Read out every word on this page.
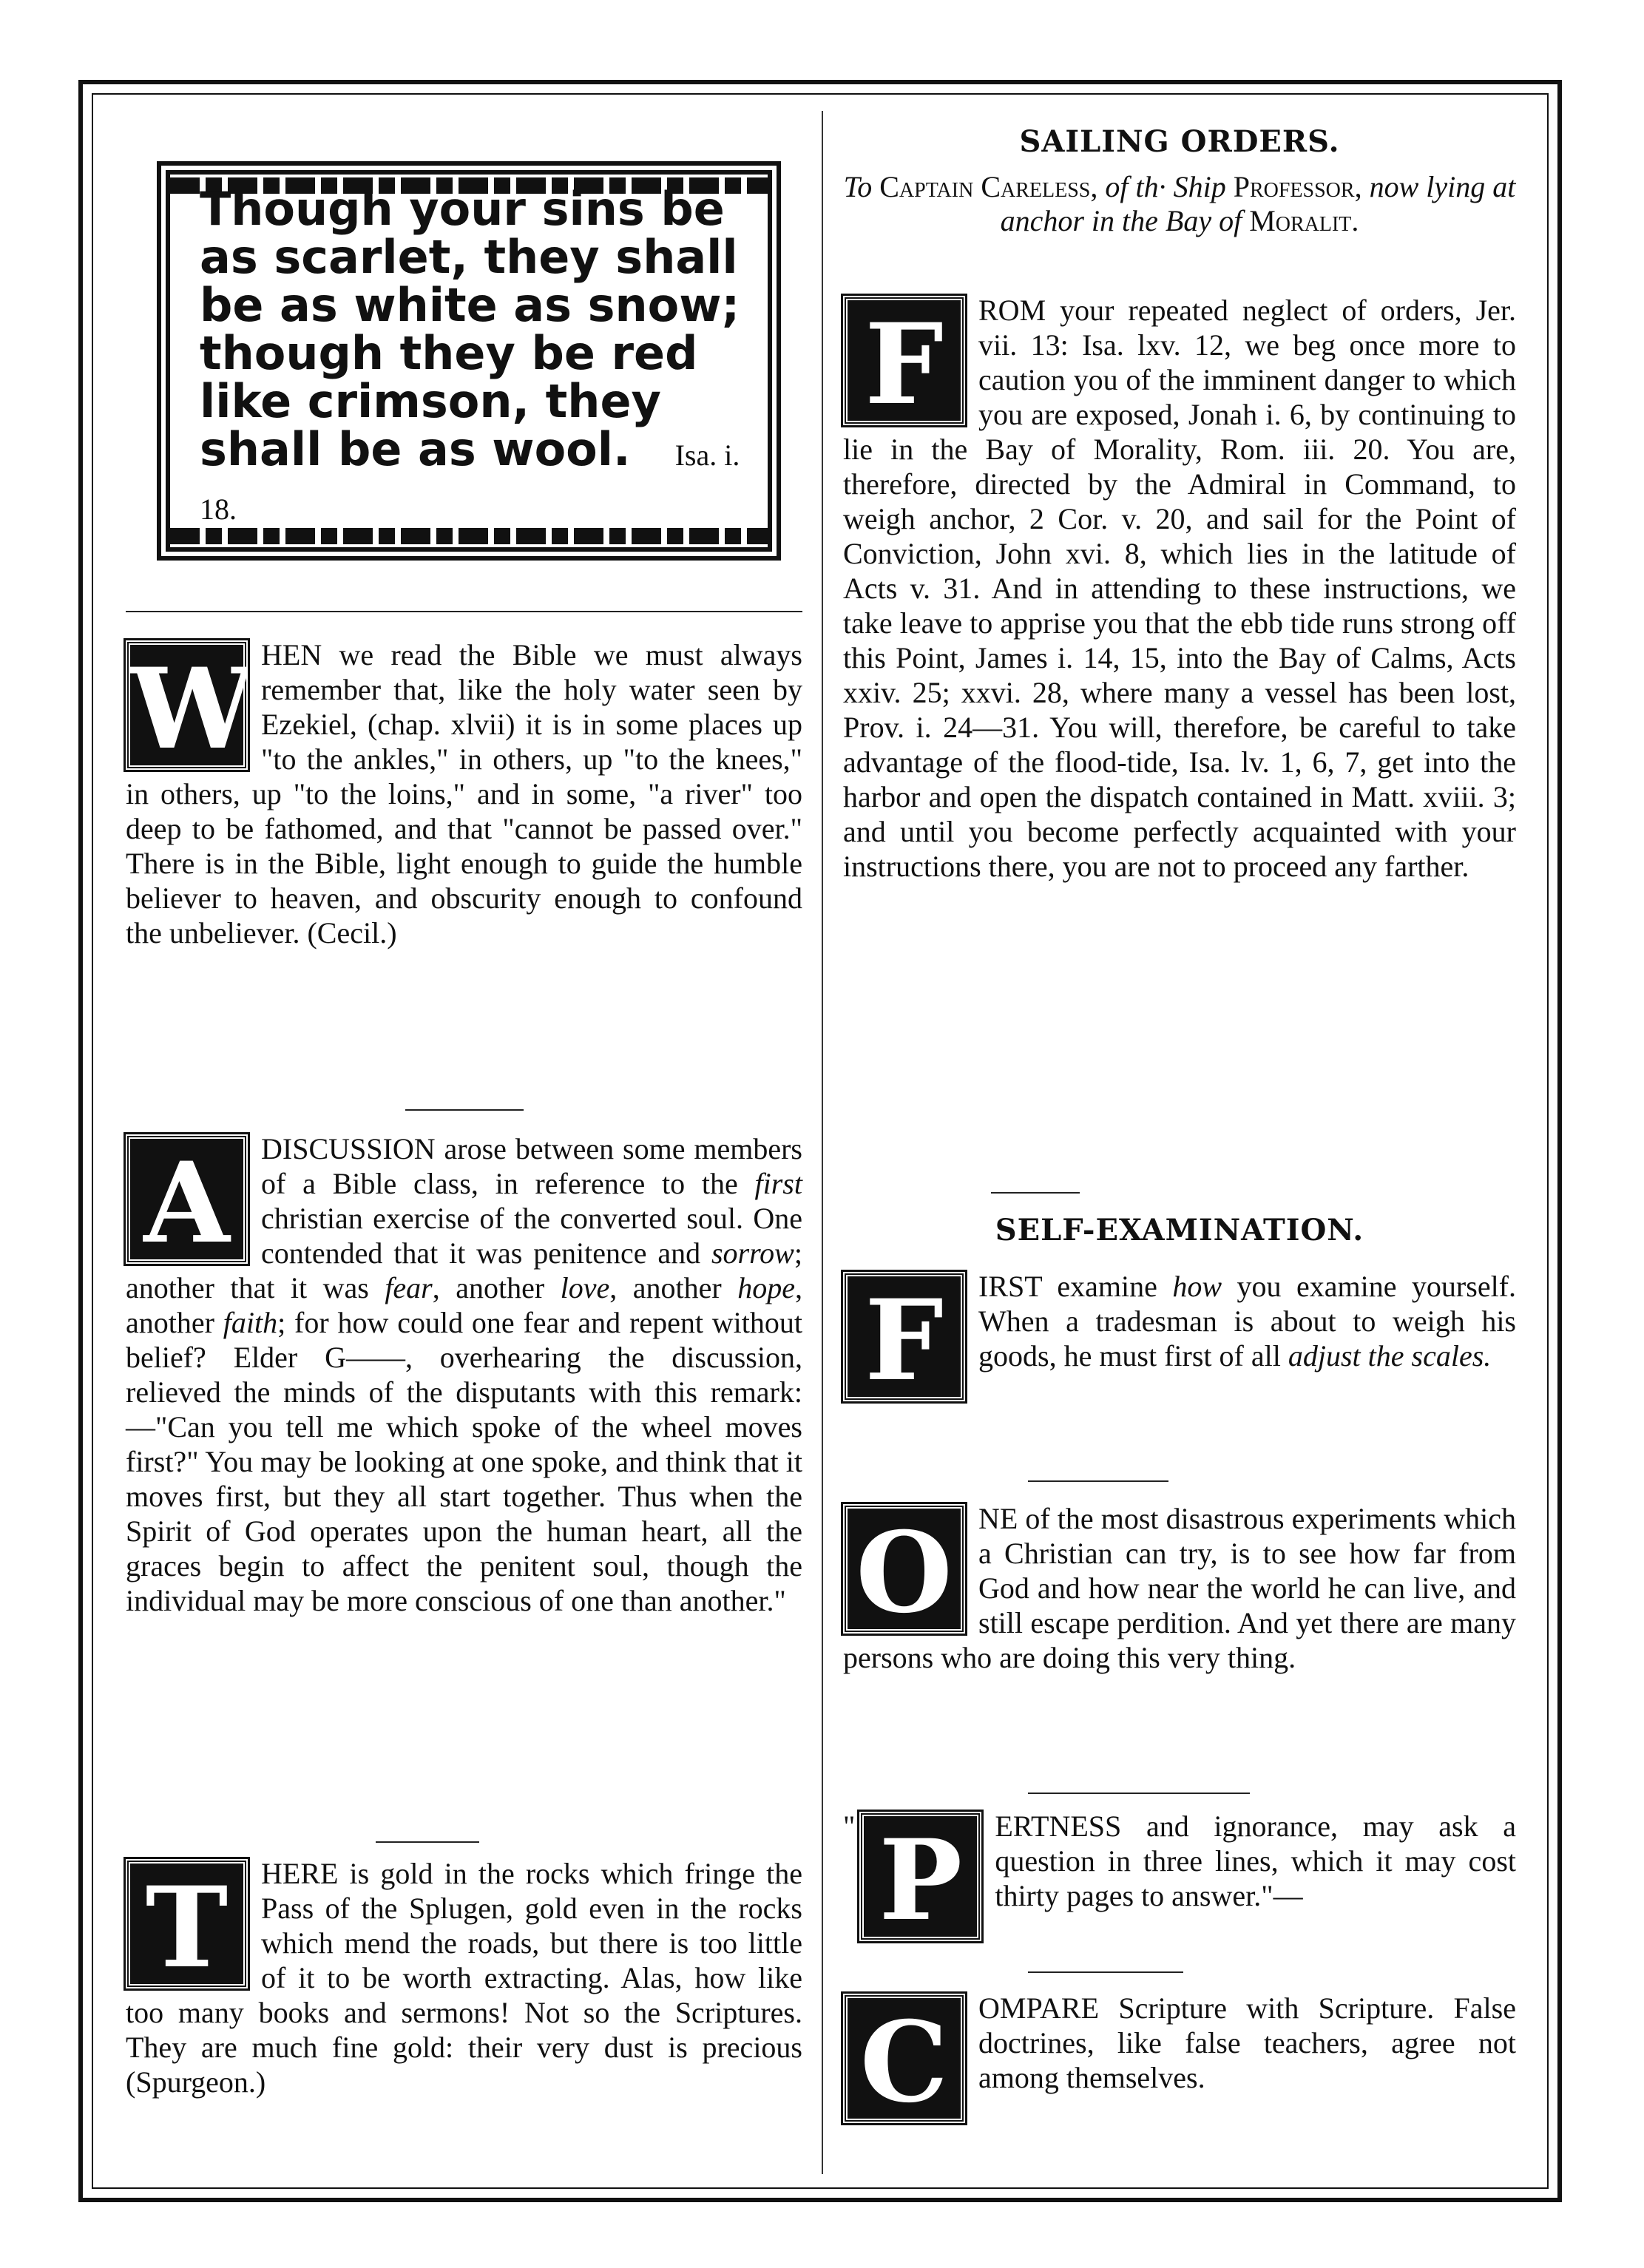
Though your sins be as scarlet, they shall be as white as snow; though they be red like crimson, they shall be as wool. Isa. i. 18.
W HEN we read the Bible we must always remember that, like the holy water seen by Ezekiel, (chap. xlvii) it is in some places up "to the ankles," in others, up "to the knees," in others, up "to the loins," and in some, "a river" too deep to be fathomed, and that "cannot be passed over." There is in the Bible, light enough to guide the humble believer to heaven, and obscurity enough to confound the unbeliever. (Cecil.)
A	DISCUSSION arose between some members of a Bible class, in reference to the first christian exercise of the converted soul. One contended that it was penitence and sorrow; another that it was fear, another love, another hope, another faith; for how could one fear and repent without belief? Elder G——, overhearing the discussion, relieved the minds of the disputants with this remark:—"Can you tell me which spoke of the wheel moves first?" You may be looking at one spoke, and think that it moves first, but they all start together. Thus when the Spirit of God operates upon the human heart, all the graces begin to affect the penitent soul, though the individual may be more conscious of one than another."
T	HERE is gold in the rocks which fringe the Pass of the Splugen, gold even in the rocks which mend the roads, but there is too little of it to be worth extracting. Alas, how like too many books and sermons! Not so the Scriptures. They are much fine gold: their very dust is precious (Spurgeon.)
SAILING ORDERS.
To Captain Careless, of th· Ship Professor, now lying at anchor in the Bay of Moralit.
F	ROM your repeated neglect of orders, Jer. vii. 13: Isa. lxv. 12, we beg once more to caution you of the imminent danger to which you are exposed, Jonah i. 6, by continuing to lie in the Bay of Morality, Rom. iii. 20. You are, therefore, directed by the Admiral in Command, to weigh anchor, 2 Cor. v. 20, and sail for the Point of Conviction, John xvi. 8, which lies in the latitude of Acts v. 31. And in attending to these instructions, we take leave to apprise you that the ebb tide runs strong off this Point, James i. 14, 15, into the Bay of Calms, Acts xxiv. 25; xxvi. 28, where many a vessel has been lost, Prov. i. 24—31. You will, therefore, be careful to take advantage of the flood-tide, Isa. lv. 1, 6, 7, get into the harbor and open the dispatch contained in Matt. xviii. 3; and until you become perfectly acquainted with your instructions there, you are not to proceed any farther.
SELF-EXAMINATION.
F	IRST examine how you examine yourself. When a tradesman is about to weigh his goods, he must first of all adjust the scales.
O NE of the most disastrous experiments which a Christian can try, is to see how far from God and how near the world he can live, and still escape perdition. And yet there are many persons who are doing this very thing.
" P	ERTNESS and ignorance, may ask a question in three lines, which it may cost thirty pages to answer."—
C	OMPARE Scripture with Scripture. False doctrines, like false teachers, agree not among themselves.
